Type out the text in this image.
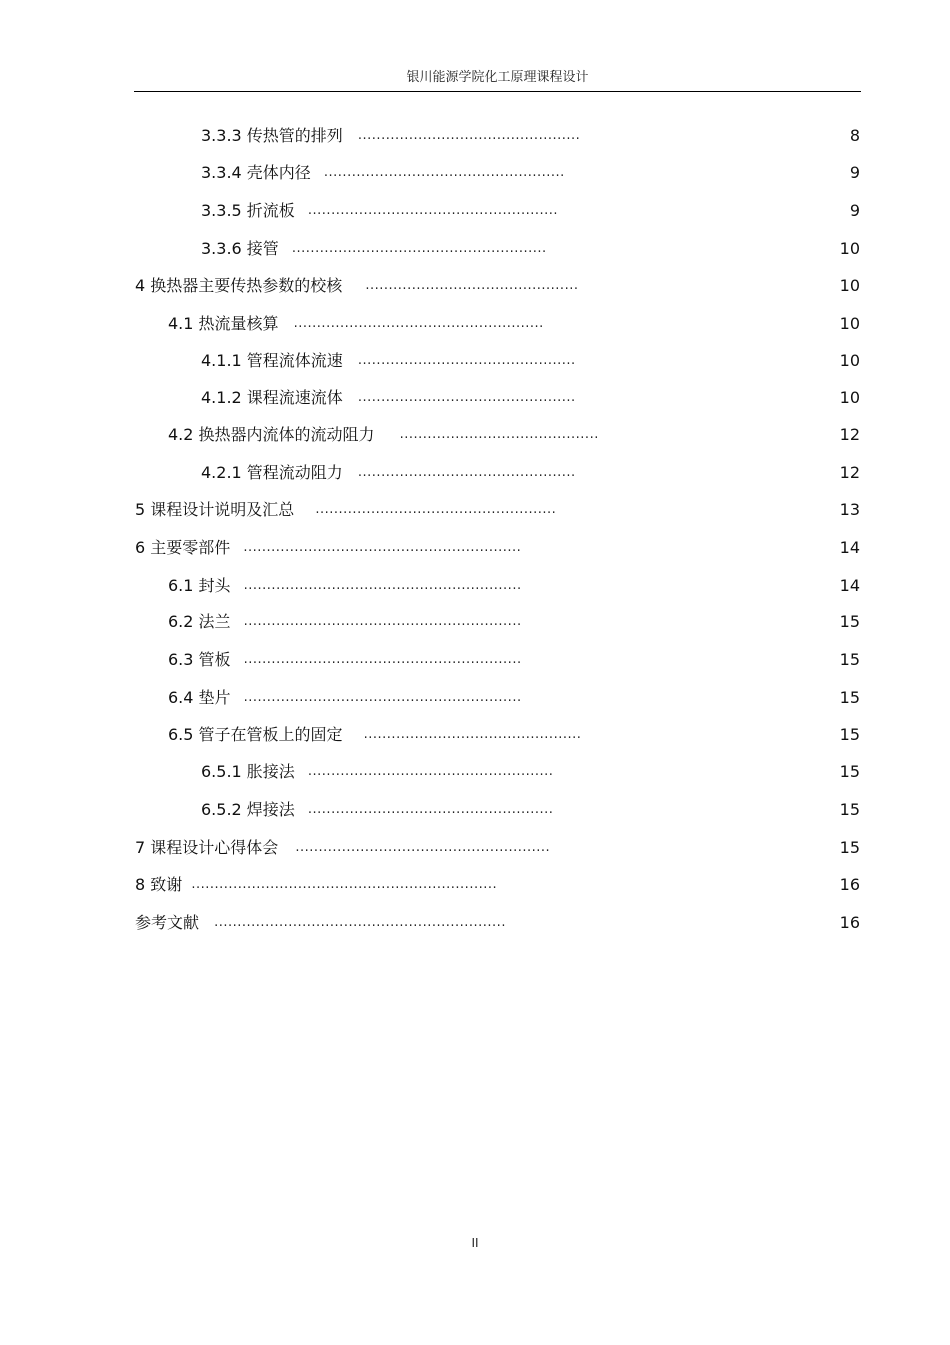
银川能源学院化工原理课程设计
3.3.3 传热管的排列 ................................................	8
3.3.4 壳体内径 ....................................................	9
3.3.5 折流板 ......................................................	9
3.3.6 接管 .......................................................	10
4 换热器主要传热参数的校核 ..............................................	10
4.1 热流量核算 ......................................................	10
4.1.1 管程流体流速 ...............................................	10
4.1.2 课程流速流体 ...............................................	10
4.2 换热器内流体的流动阻力 ...........................................	12
4.2.1 管程流动阻力 ...............................................	12
5 课程设计说明及汇总 ....................................................	13
6 主要零部件 ............................................................	14
6.1 封头 ............................................................	14
6.2 法兰 ............................................................	15
6.3 管板 ............................................................	15
6.4 垫片 ............................................................	15
6.5 管子在管板上的固定 ...............................................	15
6.5.1 胀接法 .....................................................	15
6.5.2 焊接法 .....................................................	15
7 课程设计心得体会 .......................................................	15
8 致谢 ..................................................................	16
参考文献 ...............................................................	16
II
